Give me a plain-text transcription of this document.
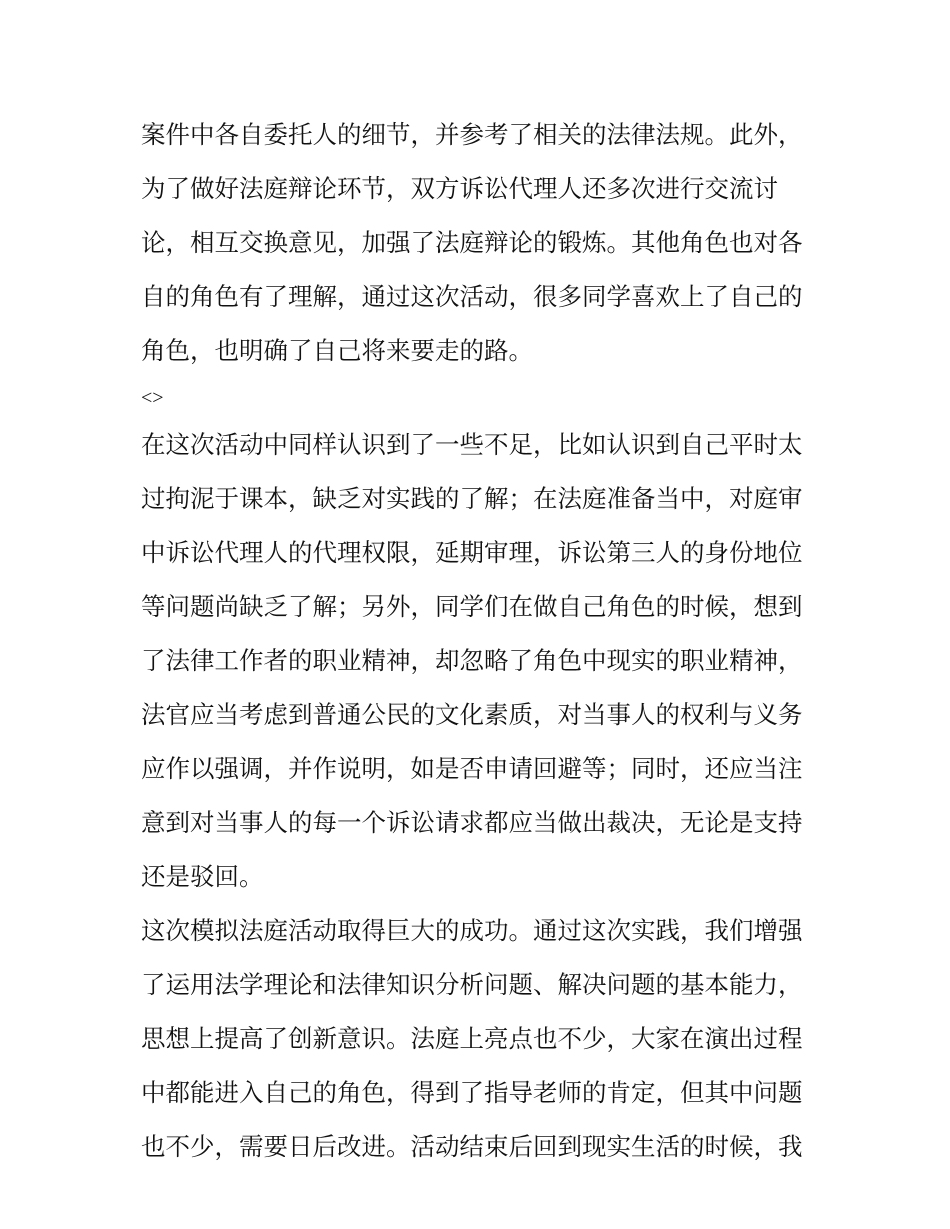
案件中各自委托人的细节，并参考了相关的法律法规。此外，
为了做好法庭辩论环节，双方诉讼代理人还多次进行交流讨
论，相互交换意见，加强了法庭辩论的锻炼。其他角色也对各
自的角色有了理解，通过这次活动，很多同学喜欢上了自己的
角色，也明确了自己将来要走的路。
<>
在这次活动中同样认识到了一些不足，比如认识到自己平时太
过拘泥于课本，缺乏对实践的了解；在法庭准备当中，对庭审
中诉讼代理人的代理权限，延期审理，诉讼第三人的身份地位
等问题尚缺乏了解；另外，同学们在做自己角色的时候，想到
了法律工作者的职业精神，却忽略了角色中现实的职业精神，
法官应当考虑到普通公民的文化素质，对当事人的权利与义务
应作以强调，并作说明，如是否申请回避等；同时，还应当注
意到对当事人的每一个诉讼请求都应当做出裁决，无论是支持
还是驳回。
这次模拟法庭活动取得巨大的成功。通过这次实践，我们增强
了运用法学理论和法律知识分析问题、解决问题的基本能力，
思想上提高了创新意识。法庭上亮点也不少，大家在演出过程
中都能进入自己的角色，得到了指导老师的肯定，但其中问题
也不少，需要日后改进。活动结束后回到现实生活的时候，我
